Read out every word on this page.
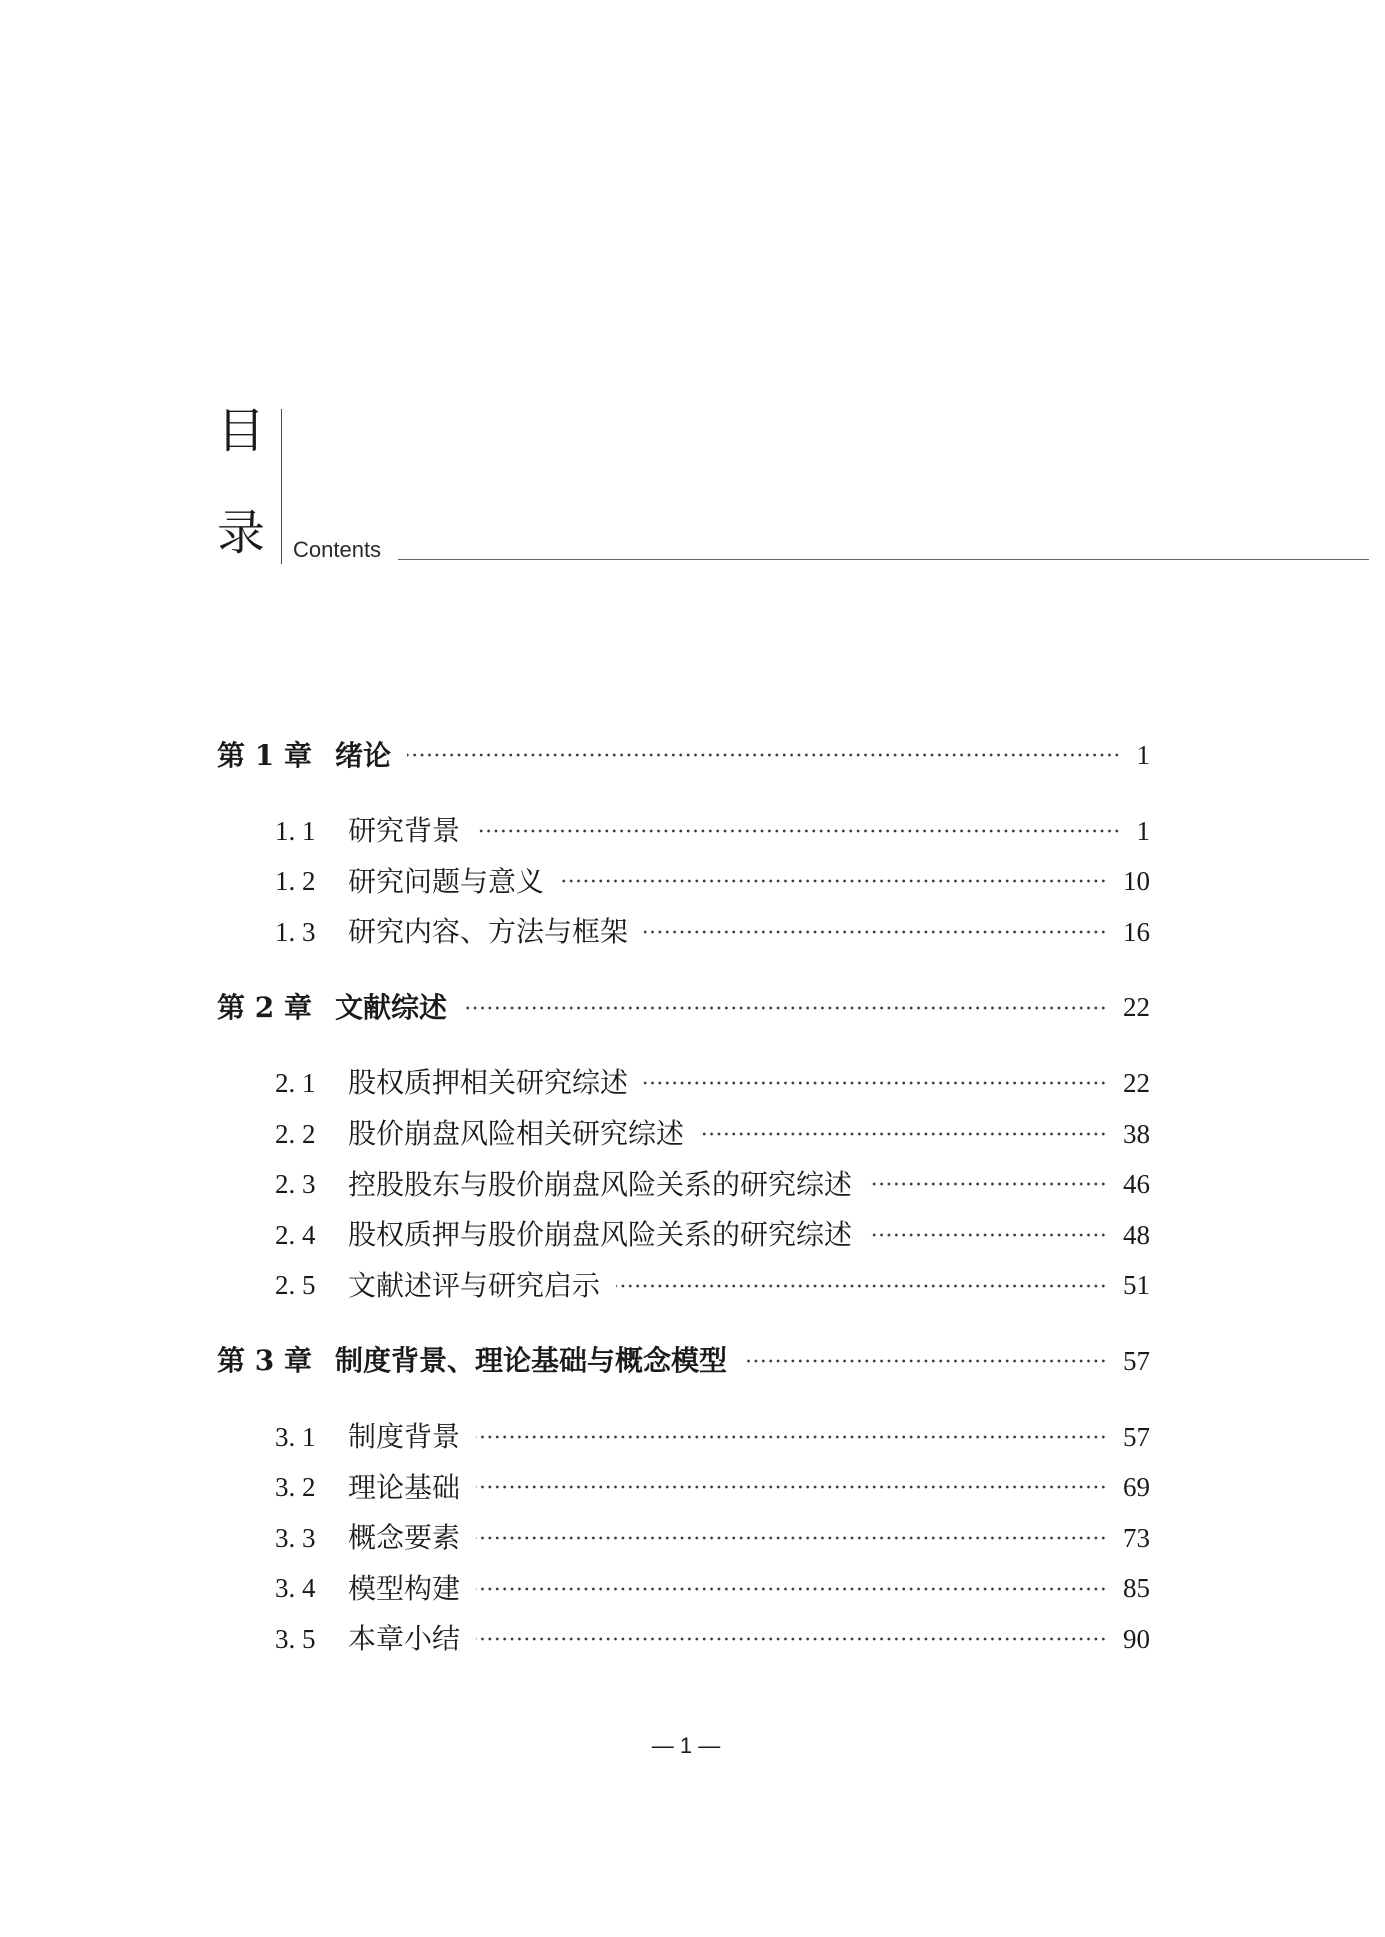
目
录 Contents
第 1 章 绪论	1
1. 1	研究背景	1
1. 2	研究问题与意义	10
1. 3	研究内容、方法与框架	16
第 2 章 文献综述	22
2. 1	股权质押相关研究综述	22
2. 2	股价崩盘风险相关研究综述	38
2. 3	控股股东与股价崩盘风险关系的研究综述	46
2. 4	股权质押与股价崩盘风险关系的研究综述	48
2. 5	文献述评与研究启示	51
第 3 章 制度背景、理论基础与概念模型	57
3. 1	制度背景	57
3. 2	理论基础	69
3. 3	概念要素	73
3. 4	模型构建	85
3. 5	本章小结	90
— 1 —
